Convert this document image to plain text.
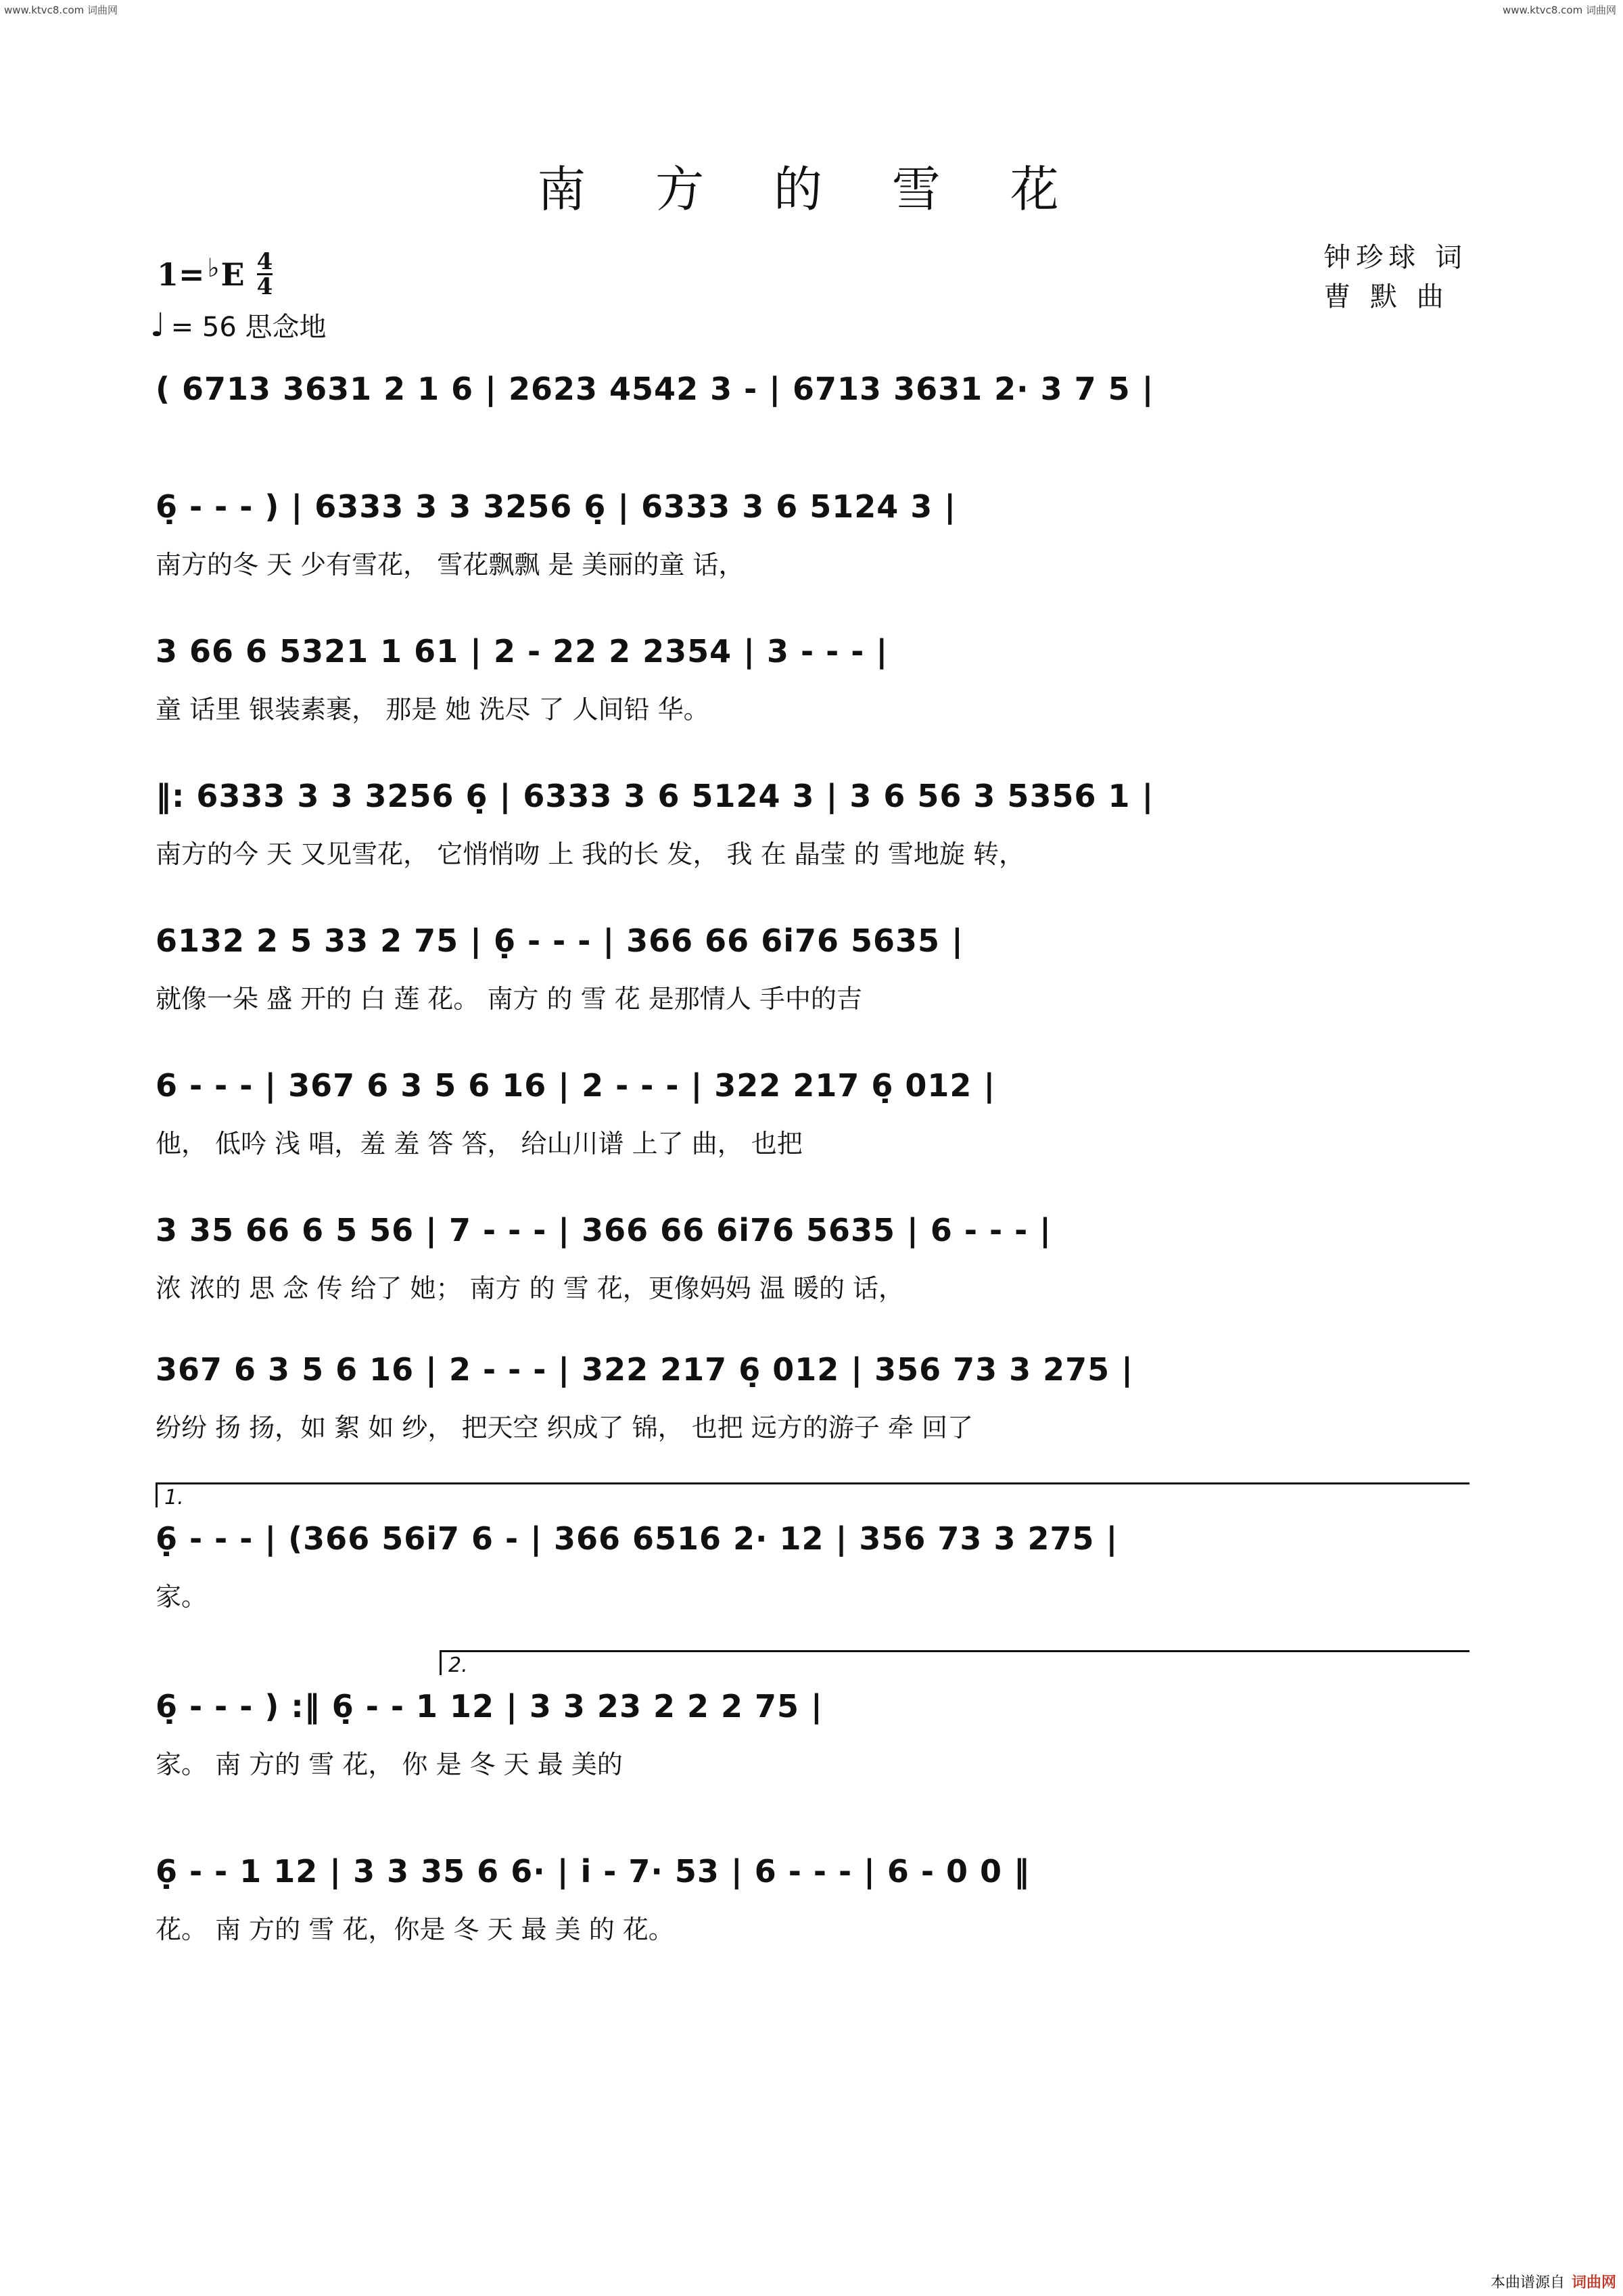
www.ktvc8.com 词曲网	www.ktvc8.com 词曲网
南 方 的 雪 花
钟珍球 词
曹 默 曲
1= ♭ E $\frac{4}{4}$
♩ = 56 思念地
( 6713 3631 2 1 6 | 2623 4542 3 - | 6713 3631 2· 3 7 5 |
6̣ - - - ) | 6333 3 3 3256 6̣ | 6333 3 6 5124 3 |
南方的冬 天 少有雪花， 雪花飘飘 是 美丽的童 话，
3 66 6 5321 1 61 | 2 - 22 2 2354 | 3 - - - |
童 话里 银装素裹， 那是 她 洗尽 了 人间铅 华。
‖: 6333 3 3 3256 6̣ | 6333 3 6 5124 3 | 3 6 56 3 5356 1 |
南方的今 天 又见雪花， 它悄悄吻 上 我的长 发， 我 在 晶莹 的 雪地旋 转，
6132 2 5 33 2 75 | 6̣ - - - | 366 66 6i76 5635 |
就像一朵 盛 开的 白 莲 花。 南方 的 雪 花 是那情人 手中的吉
6 - - - | 367 6 3 5 6 16 | 2 - - - | 322 217 6̣ 012 |
他， 低吟 浅 唱，羞 羞 答 答， 给山川谱 上了 曲， 也把
3 35 66 6 5 56 | 7 - - - | 366 66 6i76 5635 | 6 - - - |
浓 浓的 思 念 传 给了 她； 南方 的 雪 花，更像妈妈 温 暖的 话，
367 6 3 5 6 16 | 2 - - - | 322 217 6̣ 012 | 356 73 3 275 |
纷纷 扬 扬，如 絮 如 纱， 把天空 织成了 锦， 也把 远方的游子 牵 回了
1.
6̣ - - - | (366 56i7 6 - | 366 6516 2· 12 | 356 73 3 275 |
家。
2.
6̣ - - - ) :‖ 6̣ - - 1 12 | 3 3 23 2 2 2 75 |
家。 南 方的 雪 花， 你 是 冬 天 最 美的
6̣ - - 1 12 | 3 3 35 6 6· | i - 7· 53 | 6 - - - | 6 - 0 0 ‖
花。 南 方的 雪 花，你是 冬 天 最 美 的 花。
本曲谱源自 词曲网
